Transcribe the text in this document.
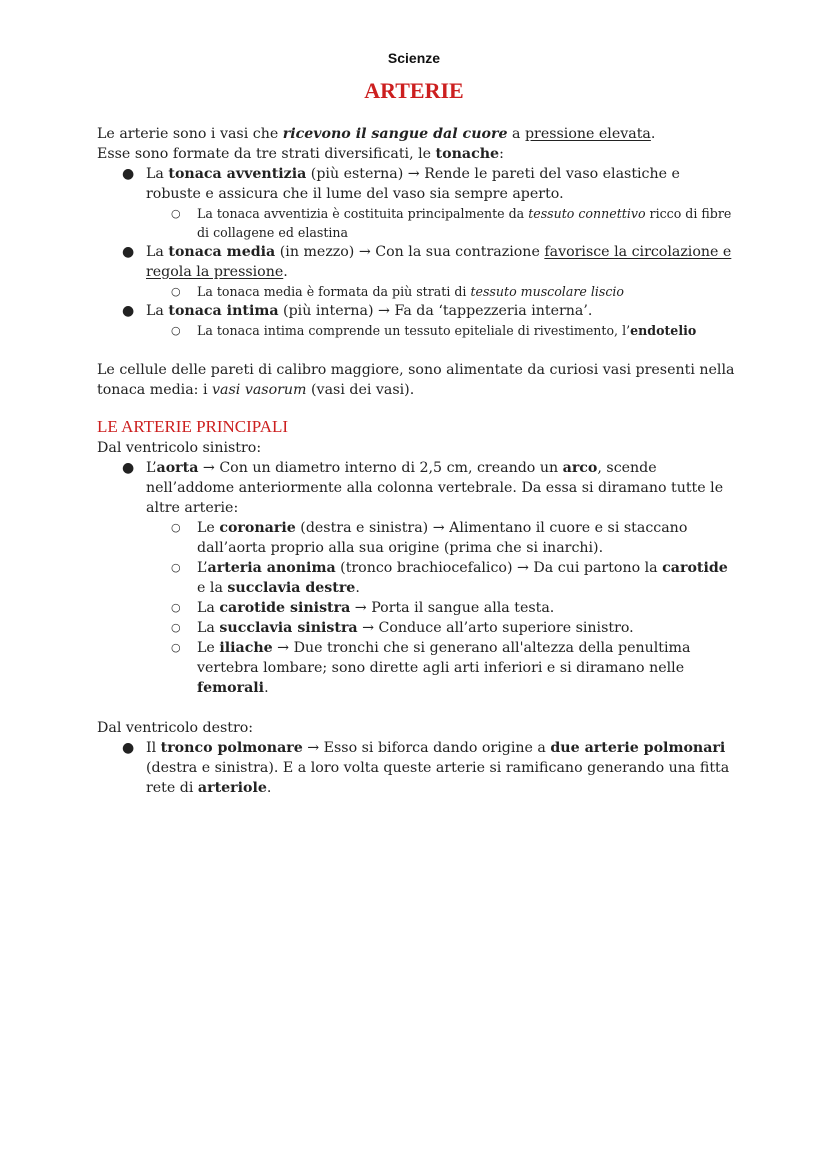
Scienze
ARTERIE

Le arterie sono i vasi che ricevono il sangue dal cuore a pressione elevata.

Esse sono formate da tre strati diversificati, le tonache:

● La tonaca avventizia (più esterna) → Rende le pareti del vaso elastiche e robuste e assicura che il lume del vaso sia sempre aperto.
○ La tonaca avventizia è costituita principalmente da tessuto connettivo ricco di fibre di collagene ed elastina
● La tonaca media (in mezzo) → Con la sua contrazione favorisce la circolazione e regola la pressione.
○ La tonaca media è formata da più strati di tessuto muscolare liscio
● La tonaca intima (più interna) → Fa da ‘tappezzeria interna’.
○ La tonaca intima comprende un tessuto epiteliale di rivestimento, l’endotelio

Le cellule delle pareti di calibro maggiore, sono alimentate da curiosi vasi presenti nella tonaca media: i vasi vasorum (vasi dei vasi).

LE ARTERIE PRINCIPALI

Dal ventricolo sinistro:

● L’aorta → Con un diametro interno di 2,5 cm, creando un arco, scende nell’addome anteriormente alla colonna vertebrale. Da essa si diramano tutte le altre arterie:
○ Le coronarie (destra e sinistra) → Alimentano il cuore e si staccano dall’aorta proprio alla sua origine (prima che si inarchi).
○ L’arteria anonima (tronco brachiocefalico) → Da cui partono la carotide e la succlavia destre.
○ La carotide sinistra → Porta il sangue alla testa.
○ La succlavia sinistra → Conduce all’arto superiore sinistro.
○ Le iliache → Due tronchi che si generano all'altezza della penultima vertebra lombare; sono dirette agli arti inferiori e si diramano nelle femorali.

Dal ventricolo destro:

● Il tronco polmonare → Esso si biforca dando origine a due arterie polmonari (destra e sinistra). E a loro volta queste arterie si ramificano generando una fitta rete di arteriole.
